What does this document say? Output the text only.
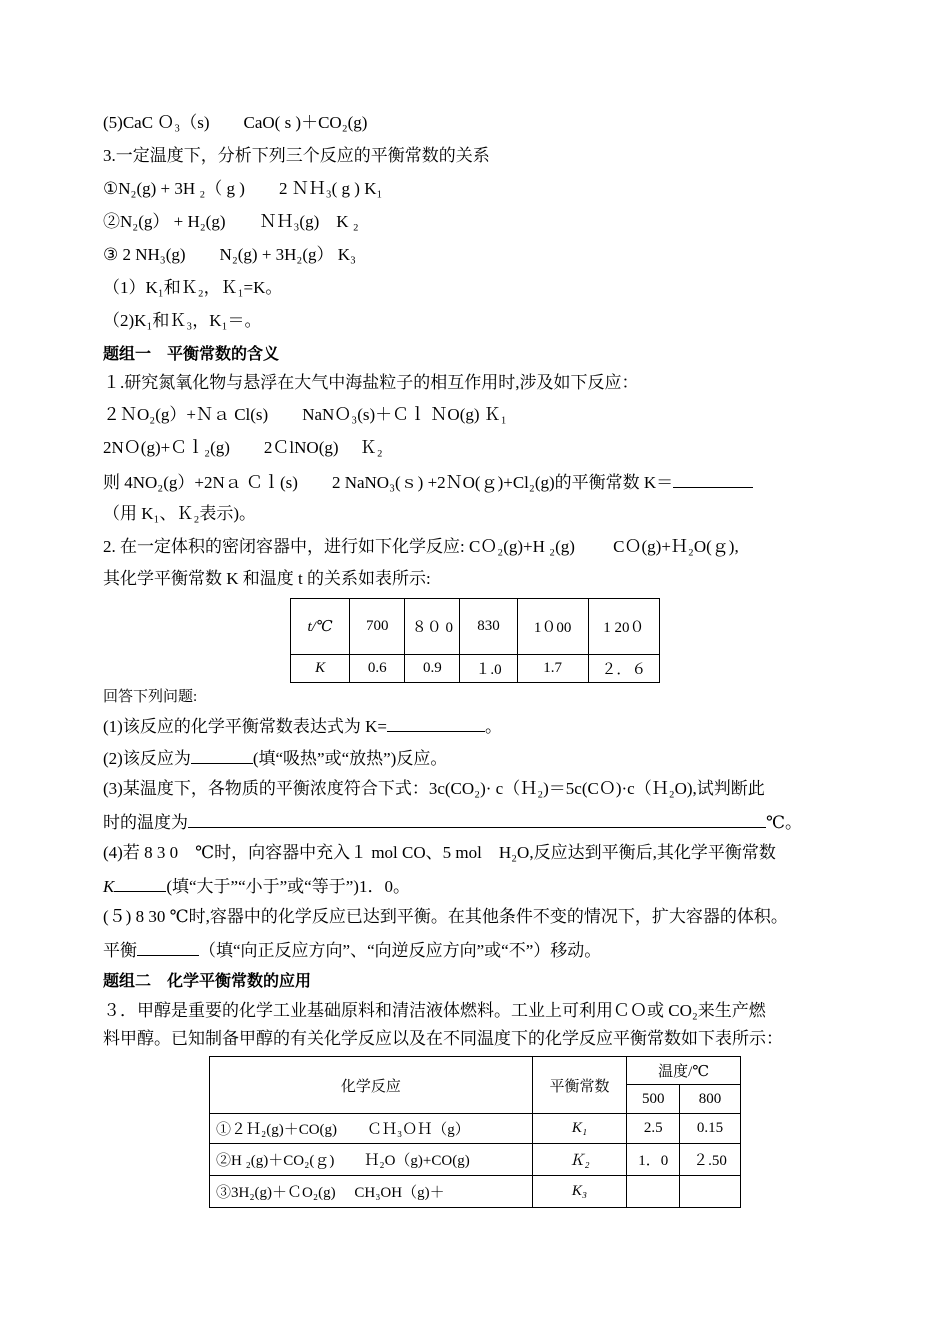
(5)CaC Ｏ₃（s)　　CaO( s )＋CO₂(g)
3.一定温度下，分析下列三个反应的平衡常数的关系
①N₂(g) + 3H ₂（ g )　　2 ＮＨ₃( g ) K₁
②N₂(g） + H₂(g)　　ＮＨ₃(g)　K ₂
③ 2 NH₃(g)　　N₂(g) + 3H₂(g） K₃
（1）K₁和Ｋ₂，Ｋ₁=K。
（2)K₁和Ｋ₃，K₁＝。
题组一　平衡常数的含义
１.研究氮氧化物与悬浮在大气中海盐粒子的相互作用时,涉及如下反应：
２ＮO₂(g）+Ｎａ Cl(s)　　NaNＯ₃(s)＋Ｃｌ ＮO(g) Ｋ₁
2NＯ(g)+Ｃｌ₂(g)　　2ＣlNO(g)　 Ｋ₂
则 4NO₂(g）+2Nａ Ｃｌ(s)　　2 NaNO₃(ｓ) +2ＮO(ｇ)+Cl₂(g)的平衡常数 K＝
（用 K₁、Ｋ₂表示)。
2. 在一定体积的密闭容器中，进行如下化学反应: CＯ₂(g)+H ₂(g)　　 CＯ(g)+Ｈ₂O(ｇ),
其化学平衡常数 K 和温度 t 的关系如表所示:
t/℃	700	８０ 0	830	1０00	1 20０
K	0.6	0.9	１.0	1.7	２．６
回答下列问题:
(1)该反应的化学平衡常数表达式为 K=	。
(2)该反应为	(填“吸热”或“放热”)反应。
(3)某温度下，各物质的平衡浓度符合下式：3c(CO₂)· c（Ｈ₂)＝5c(CＯ)·c（Ｈ₂O),试判断此
时的温度为	℃。
(4)若 8 3 0　℃时，向容器中充入１ mol CO、5 mol　H₂O,反应达到平衡后,其化学平衡常数
K	(填“大于”“小于”或“等于”)1．0。
(５) 8 30 ℃时,容器中的化学反应已达到平衡。在其他条件不变的情况下，扩大容器的体积。
平衡	（填“向正反应方向”、“向逆反应方向”或“不”）移动。
题组二　化学平衡常数的应用
３．甲醇是重要的化学工业基础原料和清洁液体燃料。工业上可利用ＣＯ或 CO₂来生产燃
料甲醇。已知制备甲醇的有关化学反应以及在不同温度下的化学反应平衡常数如下表所示：
化学反应	平衡常数	温度/℃	
		500	800
①２Ｈ₂(g)＋CO(g)　　ＣＨ₃ＯＨ（g）	K₁	2.5	0.15
②H ₂(g)＋CO₂(ｇ)　　Ｈ₂O（g)+CO(g)	Ｋ₂	1．0	２.50
③3H₂(g)＋ＣO₂(g)　 CH₃OH（g)＋	K₃		
